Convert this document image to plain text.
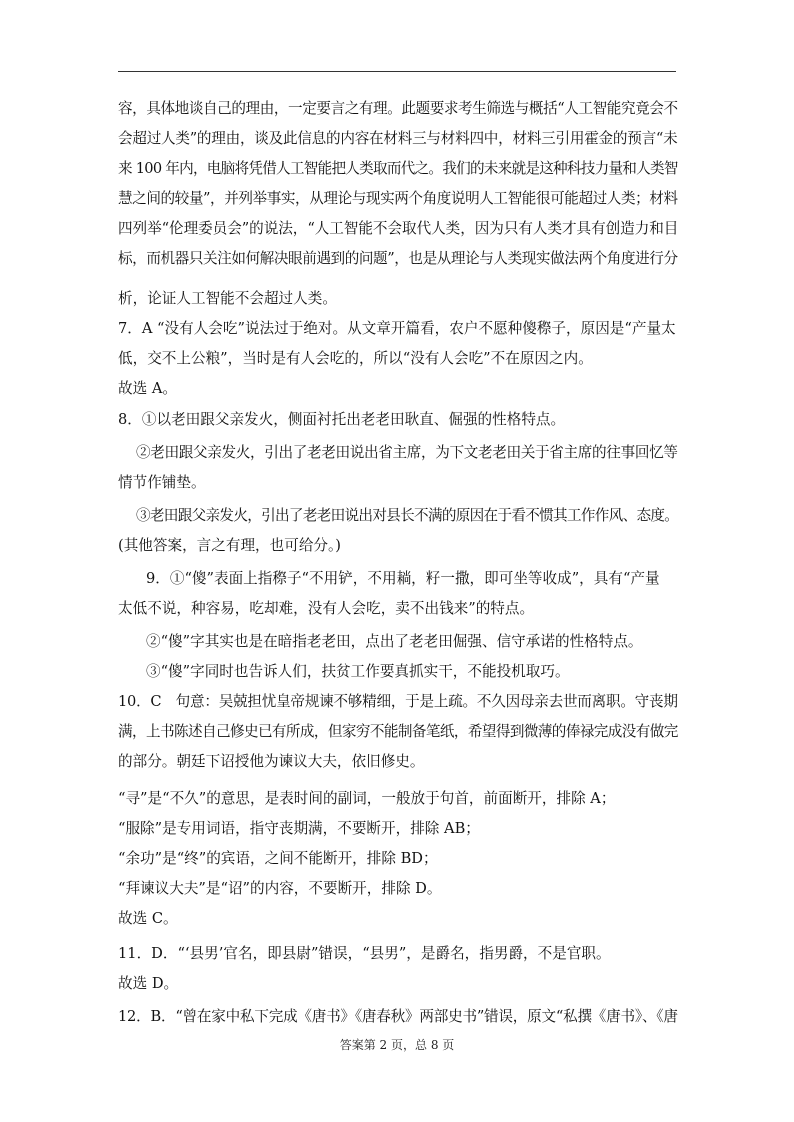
容，具体地谈自己的理由，一定要言之有理。此题要求考生筛选与概括“人工智能究竟会不
会超过人类”的理由，谈及此信息的内容在材料三与材料四中，材料三引用霍金的预言“未
来 100 年内，电脑将凭借人工智能把人类取而代之。我们的未来就是这种科技力量和人类智
慧之间的较量”，并列举事实，从理论与现实两个角度说明人工智能很可能超过人类；材料
四列举“伦理委员会”的说法，“人工智能不会取代人类，因为只有人类才具有创造力和目
标，而机器只关注如何解决眼前遇到的问题”，也是从理论与人类现实做法两个角度进行分
析，论证人工智能不会超过人类。
7．A “没有人会吃”说法过于绝对。从文章开篇看，农户不愿种傻穄子，原因是“产量太
低，交不上公粮”，当时是有人会吃的，所以“没有人会吃”不在原因之内。
故选 A。
8．①以老田跟父亲发火，侧面衬托出老老田耿直、倔强的性格特点。
②老田跟父亲发火，引出了老老田说出省主席，为下文老老田关于省主席的往事回忆等
情节作铺垫。
③老田跟父亲发火，引出了老老田说出对县长不满的原因在于看不惯其工作作风、态度。
(其他答案，言之有理，也可给分。)
9．①“傻”表面上指穄子“不用铲，不用耥，籽一撒，即可坐等收成”，具有“产量
太低不说，种容易，吃却难，没有人会吃，卖不出钱来”的特点。
②“傻”字其实也是在暗指老老田，点出了老老田倔强、信守承诺的性格特点。
③“傻”字同时也告诉人们，扶贫工作要真抓实干，不能投机取巧。
10．C　句意：吴兢担忧皇帝规谏不够精细，于是上疏。不久因母亲去世而离职。守丧期
满，上书陈述自己修史已有所成，但家穷不能制备笔纸，希望得到微薄的俸禄完成没有做完
的部分。朝廷下诏授他为谏议大夫，依旧修史。
“寻”是“不久”的意思，是表时间的副词，一般放于句首，前面断开，排除 A；
“服除”是专用词语，指守丧期满，不要断开，排除 AB；
“余功”是“终”的宾语，之间不能断开，排除 BD；
“拜谏议大夫”是“诏”的内容，不要断开，排除 D。
故选 C。
11．D．“‘县男’官名，即县尉”错误，“县男”，是爵名，指男爵，不是官职。
故选 D。
12．B．“曾在家中私下完成《唐书》《唐春秋》两部史书”错误，原文“私撰《唐书》、《唐
答案第 2 页，总 8 页
